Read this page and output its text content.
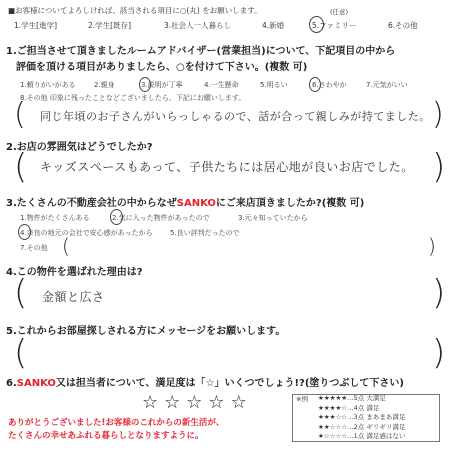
■お客様についてよろしければ、該当される項目に○(丸) をお願いします。	(任意)
1.学生[進学]	2.学生[既存]	3.社会人一人暮らし	4.新婚	5.ファミリー	6.その他
1.ご担当させて頂きましたルームアドバイザー(営業担当)について、下記項目の中から
評価を頂ける項目がありましたら、○を付けて下さい。(複数 可)
1.頼りがいがある	2.親身	3.説明が丁寧	4.一生懸命	5.明るい	6.さわやか	7.元気がいい
8.その他 印象に残ったことなどございましたら、下記にお願いします。
( 同じ年頃のお子さんがいらっしゃるので、話が合って親しみが持てました。 )
2.お店の雰囲気はどうでしたか?
( キッズスペースもあって、子供たちには居心地が良いお店でした。 )
3.たくさんの不動産会社の中からなぜSANKOにご来店頂きましたか?(複数 可)
1.物件がたくさんある	2.気に入った物件があったので	3.元々知っていたから
4.奈良の地元の会社で安心感があったから 5.良い評判だったので
7.その他 (	)
4.この物件を選ばれた理由は?
( 金額と広さ	)
5.これからお部屋探しされる方にメッセージをお願いします。
(	)
6.SANKO又は担当者について、満足度は「☆」いくつでしょう!?(塗りつぶして下さい)
☆ ☆ ☆ ☆ ☆	※例 ★★★★★…5点 大満足
★★★★☆…4点 満足
★★★☆☆…3点 まあまあ満足
★★☆☆☆…2点 ギリギリ満足
★☆☆☆☆…1点 満足感はない
ありがとうございました!お客様のこれからの新生活が、
たくさんの幸せあふれる暮らしとなりますように。
